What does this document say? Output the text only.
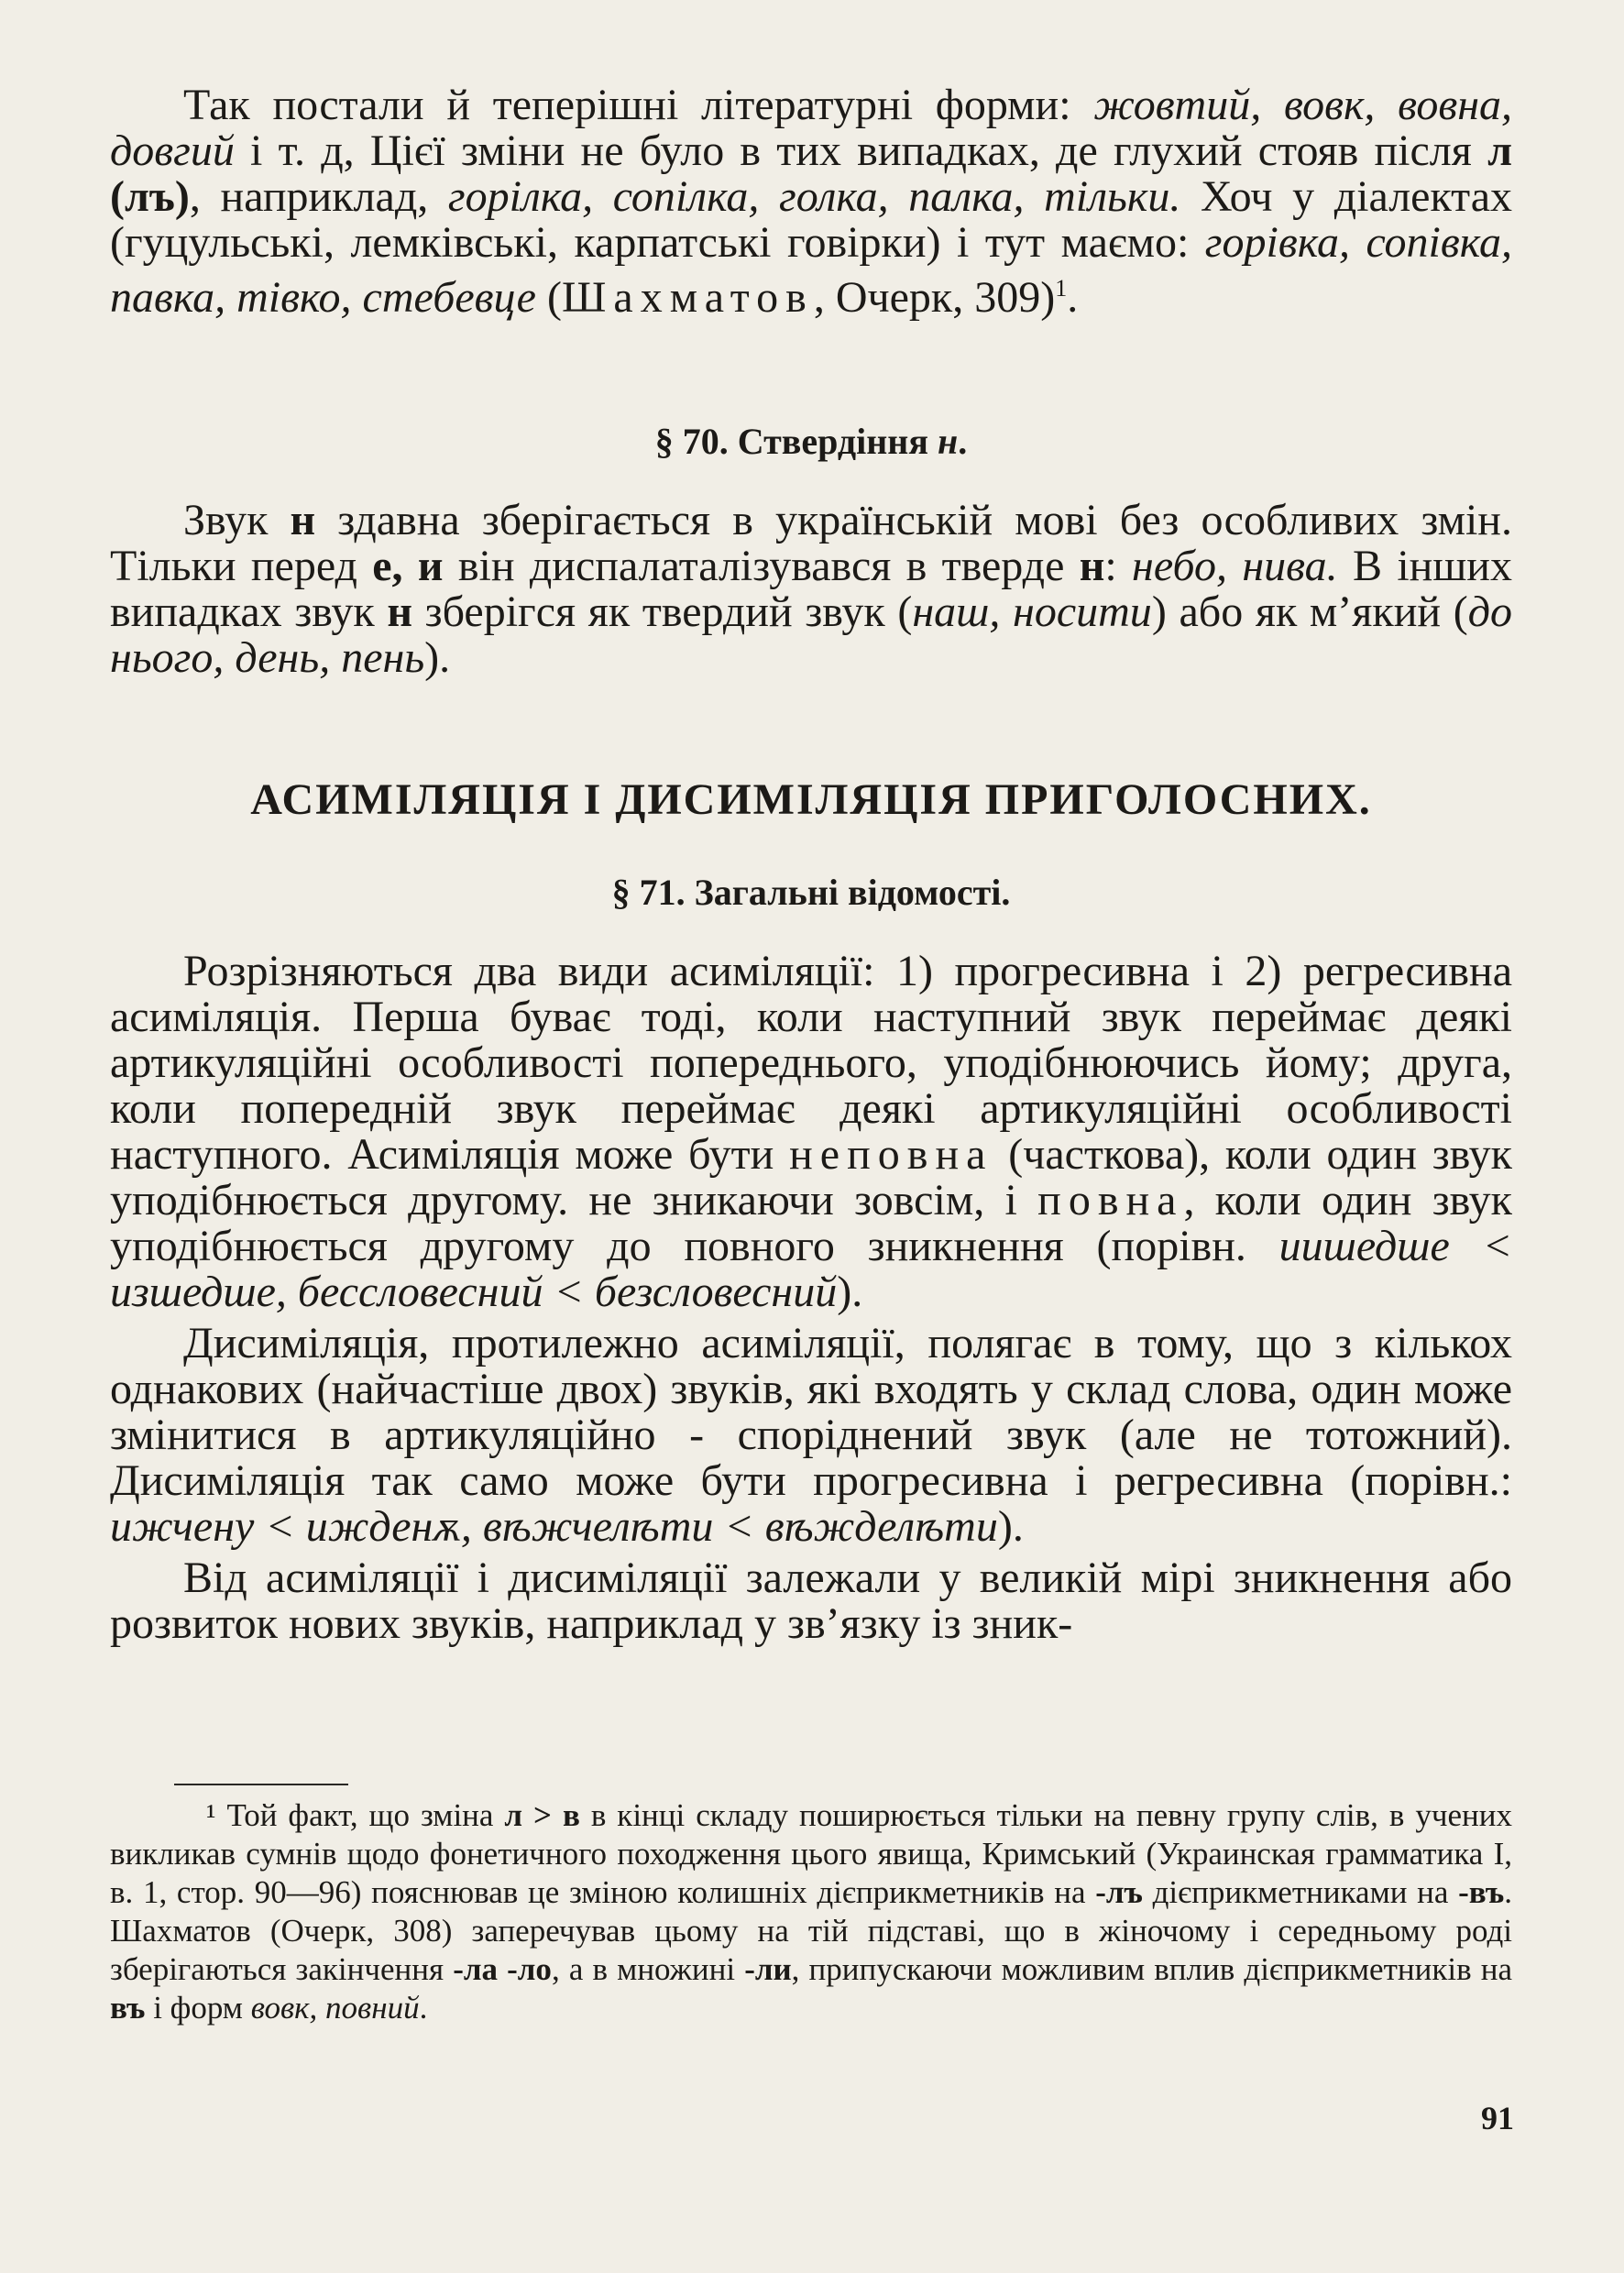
Так постали й теперішні літературні форми: жовтий, вовк, вовна, довгий і т. д, Цієї зміни не було в тих випадках, де глухий стояв після л (лъ), наприклад, горілка, сопілка, голка, палка, тільки. Хоч у діалектах (гуцульські, лемківські, карпатські говірки) і тут маємо: горівка, сопівка, павка, тівко, стебевце (Шахматов, Очерк, 309)$^1$.

§ 70. Ствердіння н.

Звук н здавна зберігається в українській мові без особливих змін. Тільки перед е, и він диспалаталізувався в тверде н: небо, нива. В інших випадках звук н зберігся як твердий звук (наш, носити) або як м’який (до нього, день, пень).

АСИМІЛЯЦІЯ І ДИСИМІЛЯЦІЯ ПРИГОЛОСНИХ.

§ 71. Загальні відомості.

Розрізняються два види асиміляції: 1) прогресивна і 2) регресивна асиміляція. Перша буває тоді, коли наступний звук переймає деякі артикуляційні особливості попереднього, уподібнюючись йому; друга, коли попередній звук переймає деякі артикуляційні особливості наступного. Асиміляція може бути неповна (часткова), коли один звук уподібнюється другому. не зникаючи зовсім, і повна, коли один звук уподібнюється другому до повного зникнення (порівн. иишедше < изшедше, бессловесний < безсловесний).

Дисиміляція, протилежно асиміляції, полягає в тому, що з кількох однакових (найчастіше двох) звуків, які входять у склад слова, один може змінитися в артикуляційно - споріднений звук (але не тотожний). Дисиміляція так само може бути прогресивна і регресивна (порівн.: ижчену < ижденѫ, вѣжчелѣти < вѣжделѣти).

Від асиміляції і дисиміляції залежали у великій мірі зникнення або розвиток нових звуків, наприклад у зв’язку із зник-

¹ Той факт, що зміна л > в в кінці складу поширюється тільки на певну групу слів, в учених викликав сумнів щодо фонетичного походження цього явища, Кримський (Украинская грамматика І, в. 1, стор. 90—96) пояснював це зміною колишніх дієприкметників на -лъ дієприкметниками на -въ. Шахматов (Очерк, 308) заперечував цьому на тій підставі, що в жіночому і середньому роді зберігаються закінчення -ла -ло, а в множині -ли, припускаючи можливим вплив дієприкметників на въ і форм вовк, повний.

91
